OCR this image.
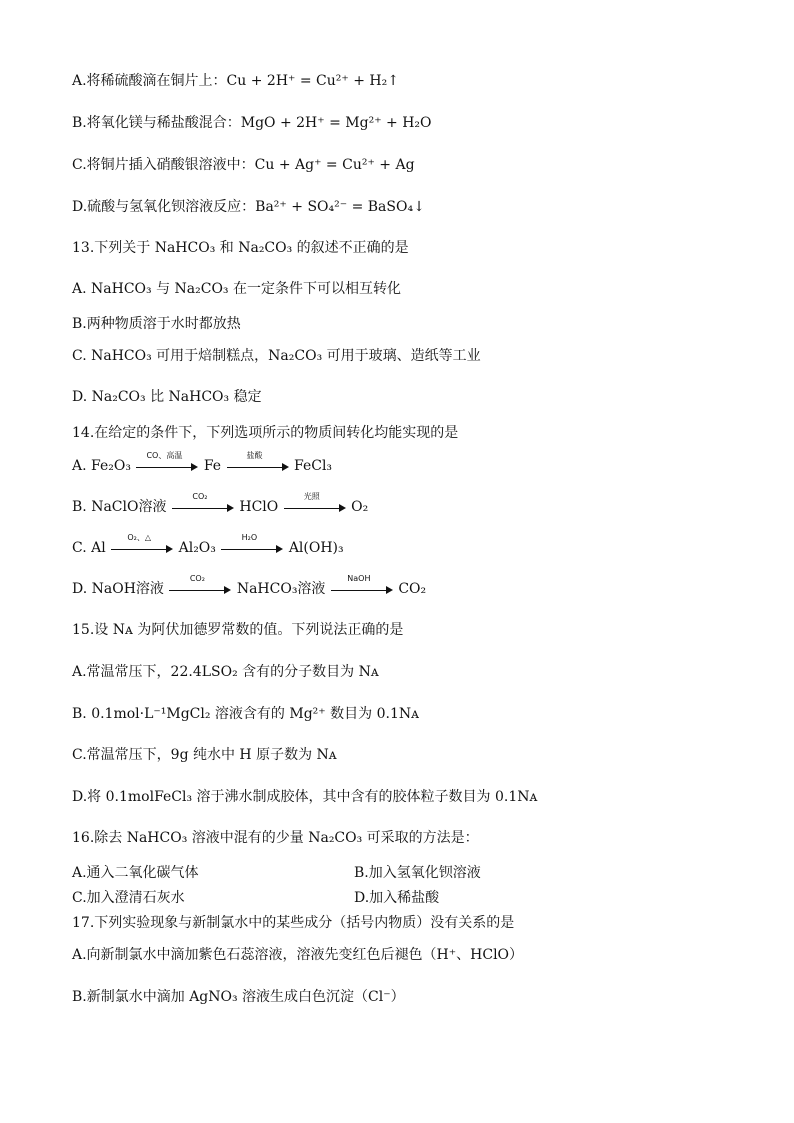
A.将稀硫酸滴在铜片上：Cu + 2H⁺ = Cu²⁺ + H₂↑
B.将氧化镁与稀盐酸混合：MgO + 2H⁺ = Mg²⁺ + H₂O
C.将铜片插入硝酸银溶液中：Cu + Ag⁺ = Cu²⁺ + Ag
D.硫酸与氢氧化钡溶液反应：Ba²⁺ + SO₄²⁻ = BaSO₄↓
13.下列关于 NaHCO₃ 和 Na₂CO₃ 的叙述不正确的是
A. NaHCO₃ 与 Na₂CO₃ 在一定条件下可以相互转化
B.两种物质溶于水时都放热
C. NaHCO₃ 可用于焙制糕点，Na₂CO₃ 可用于玻璃、造纸等工业
D. Na₂CO₃ 比 NaHCO₃ 稳定
14.在给定的条件下，下列选项所示的物质间转化均能实现的是
A. Fe₂O₃
CO、高温
Fe
盐酸
FeCl₃
B. NaClO溶液
CO₂
HClO
光照
O₂
C. Al
O₂、△
Al₂O₃
H₂O
Al(OH)₃
D. NaOH溶液
CO₂
NaHCO₃溶液
NaOH
CO₂
15.设 Nᴀ 为阿伏加德罗常数的值。下列说法正确的是
A.常温常压下，22.4LSO₂ 含有的分子数目为 Nᴀ
B. 0.1mol·L⁻¹MgCl₂ 溶液含有的 Mg²⁺ 数目为 0.1Nᴀ
C.常温常压下，9g 纯水中 H 原子数为 Nᴀ
D.将 0.1molFeCl₃ 溶于沸水制成胶体，其中含有的胶体粒子数目为 0.1Nᴀ
16.除去 NaHCO₃ 溶液中混有的少量 Na₂CO₃ 可采取的方法是：
A.通入二氧化碳气体	B.加入氢氧化钡溶液
C.加入澄清石灰水	D.加入稀盐酸
17.下列实验现象与新制氯水中的某些成分（括号内物质）没有关系的是
A.向新制氯水中滴加紫色石蕊溶液，溶液先变红色后褪色（H⁺、HClO）
B.新制氯水中滴加 AgNO₃ 溶液生成白色沉淀（Cl⁻）
